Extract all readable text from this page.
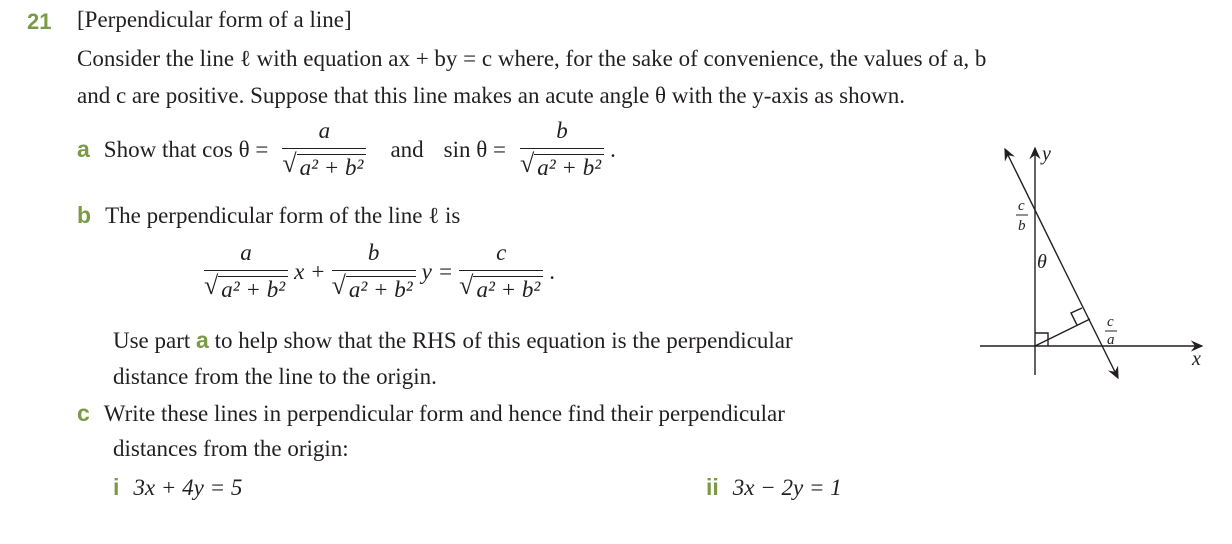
21 [Perpendicular form of a line]
Consider the line ℓ with equation ax + by = c where, for the sake of convenience, the values of a, b
and c are positive. Suppose that this line makes an acute angle θ with the y-axis as shown.
a Show that $\cos \theta = \frac{a}{\text{√ a² + b²}}$ and $\sin \theta = \frac{b}{\text{√ a² + b²}}$ .
b The perpendicular form of the line ℓ is
$\frac{a}{\text{√ a² + b²}}$ $x + \frac{b}{\text{√ a² + b²}}$ $y = \frac{c}{\text{√ a² + b²}}$ .
Use part a to help show that the RHS of this equation is the perpendicular
distance from the line to the origin.
c Write these lines in perpendicular form and hence find their perpendicular
distances from the origin:
i 3x + 4y = 5	ii 3x − 2y = 1
y
x
θ
c
b
c
a
